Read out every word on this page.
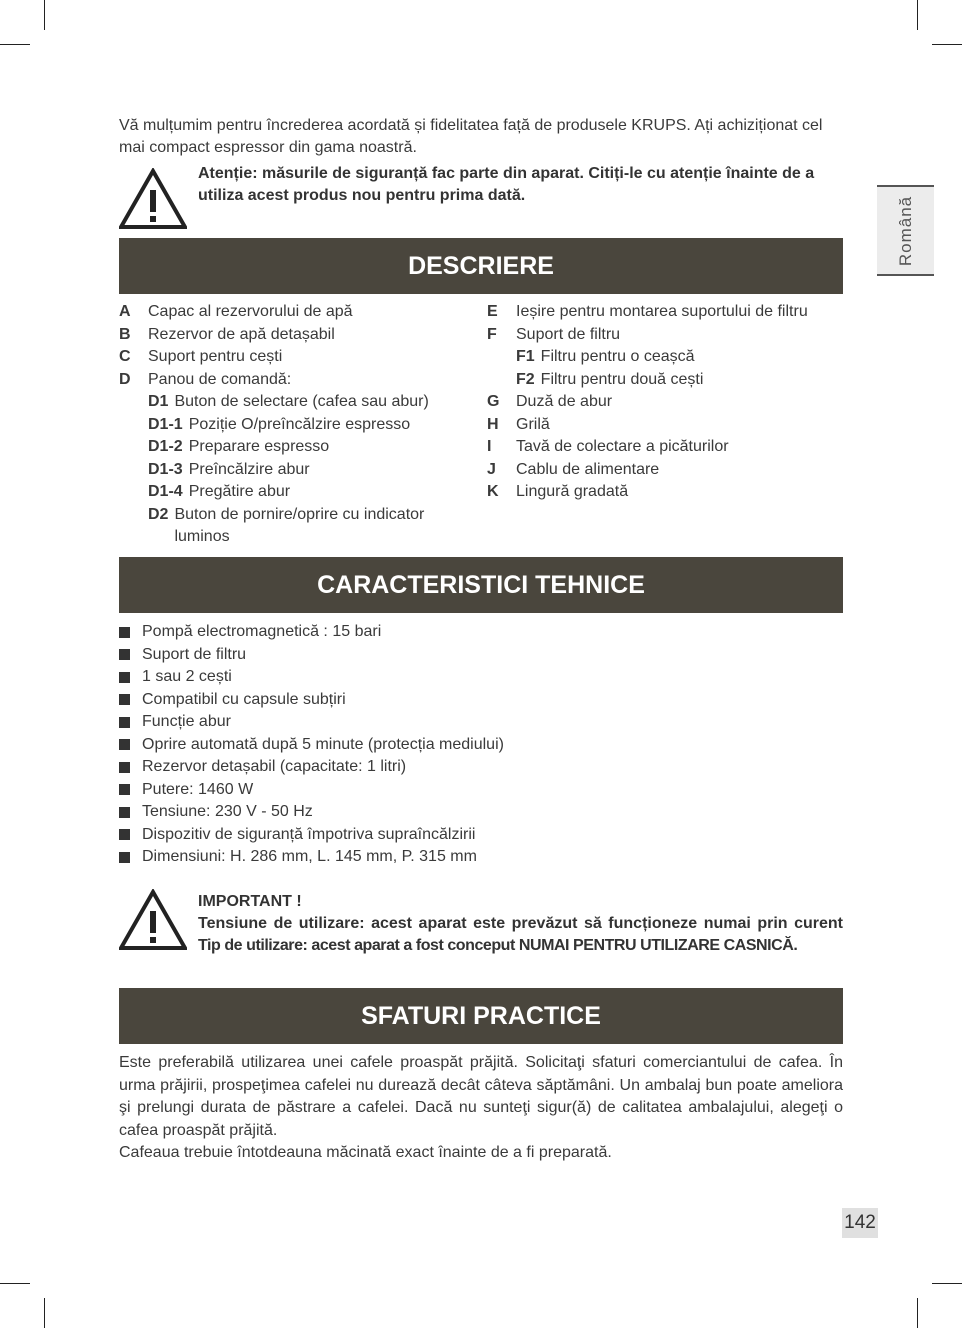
Română
Vă mulțumim pentru încrederea acordată și fidelitatea față de produsele KRUPS. Ați achiziționat cel mai compact espressor din gama noastră.
Atenție: măsurile de siguranță fac parte din aparat. Citiți-le cu atenție înainte de a utiliza acest produs nou pentru prima dată.
DESCRIERE
A	Capac al rezervorului de apă
B	Rezervor de apă detașabil
C	Suport pentru cești
D	Panou de comandă:
D1 Buton de selectare (cafea sau abur)
D1-1 Poziție O/preîncălzire espresso
D1-2 Preparare espresso
D1-3 Preîncălzire abur
D1-4 Pregătire abur
D2 Buton de pornire/oprire cu indicator luminos
E	Ieșire pentru montarea suportului de filtru
F	Suport de filtru
F1 Filtru pentru o ceașcă
F2 Filtru pentru două cești
G	Duză de abur
H	Grilă
I	Tavă de colectare a picăturilor
J	Cablu de alimentare
K	Lingură gradată
CARACTERISTICI TEHNICE
Pompă electromagnetică : 15 bari
Suport de filtru
1 sau 2 cești
Compatibil cu capsule subțiri
Funcție abur
Oprire automată după 5 minute (protecția mediului)
Rezervor detașabil (capacitate: 1 litri)
Putere: 1460 W
Tensiune: 230 V - 50 Hz
Dispozitiv de siguranță împotriva supraîncălzirii
Dimensiuni: H. 286 mm, L. 145 mm, P. 315 mm
IMPORTANT !
Tensiune de utilizare: acest aparat este prevăzut să funcționeze numai prin curent
Tip de utilizare: acest aparat a fost conceput NUMAI PENTRU UTILIZARE CASNICĂ.
SFATURI PRACTICE

Este preferabilă utilizarea unei cafele proaspăt prăjită. Solicitaţi sfaturi comerciantului de cafea. În urma prăjirii, prospeţimea cafelei nu durează decât câteva săptămâni. Un ambalaj bun poate ameliora şi prelungi durata de păstrare a cafelei. Dacă nu sunteţi sigur(ă) de calitatea ambalajului, alegeţi o cafea proaspăt prăjită.

Cafeaua trebuie întotdeauna măcinată exact înainte de a fi preparată.

142
